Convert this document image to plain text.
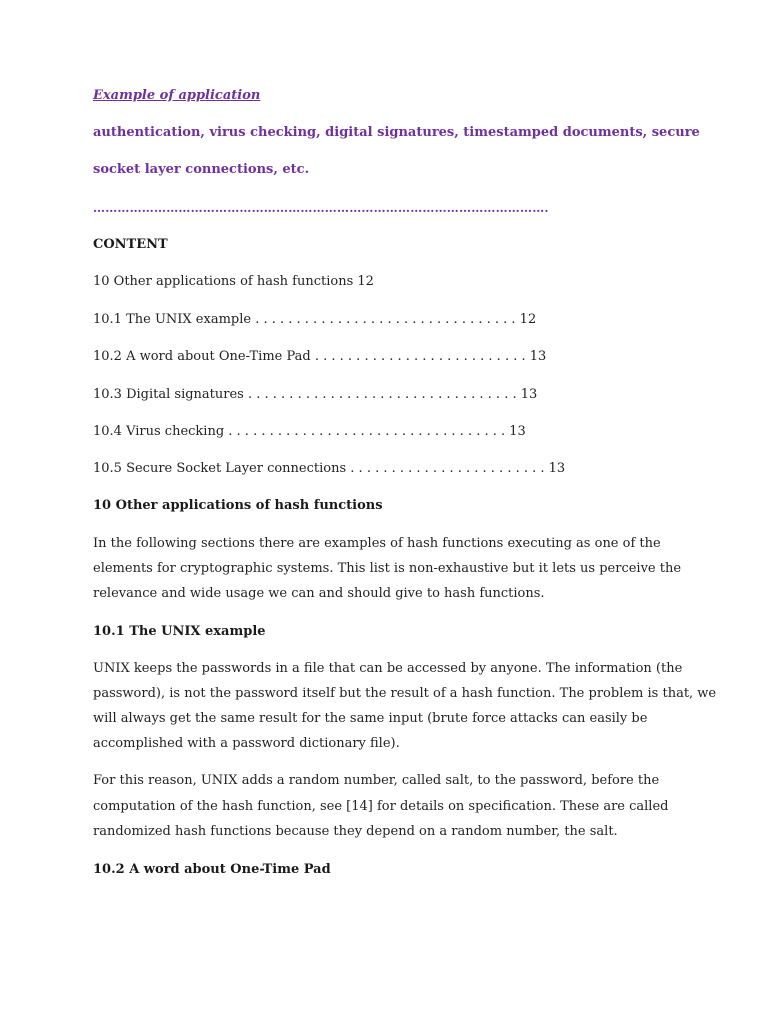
Example of application
authentication, virus checking, digital signatures, timestamped documents, secure
socket layer connections, etc.
………………………………………………………………………………………………….
CONTENT
10 Other applications of hash functions 12
10.1 The UNIX example . . . . . . . . . . . . . . . . . . . . . . . . . . . . . . . . 12
10.2 A word about One-Time Pad . . . . . . . . . . . . . . . . . . . . . . . . . . 13
10.3 Digital signatures . . . . . . . . . . . . . . . . . . . . . . . . . . . . . . . . . 13
10.4 Virus checking . . . . . . . . . . . . . . . . . . . . . . . . . . . . . . . . . . 13
10.5 Secure Socket Layer connections . . . . . . . . . . . . . . . . . . . . . . . . 13
10 Other applications of hash functions
In the following sections there are examples of hash functions executing as one of the
elements for cryptographic systems. This list is non-exhaustive but it lets us perceive the
relevance and wide usage we can and should give to hash functions.
10.1 The UNIX example
UNIX keeps the passwords in a file that can be accessed by anyone. The information (the
password), is not the password itself but the result of a hash function. The problem is that, we
will always get the same result for the same input (brute force attacks can easily be
accomplished with a password dictionary file).
For this reason, UNIX adds a random number, called salt, to the password, before the
computation of the hash function, see [14] for details on specification. These are called
randomized hash functions because they depend on a random number, the salt.
10.2 A word about One-Time Pad
